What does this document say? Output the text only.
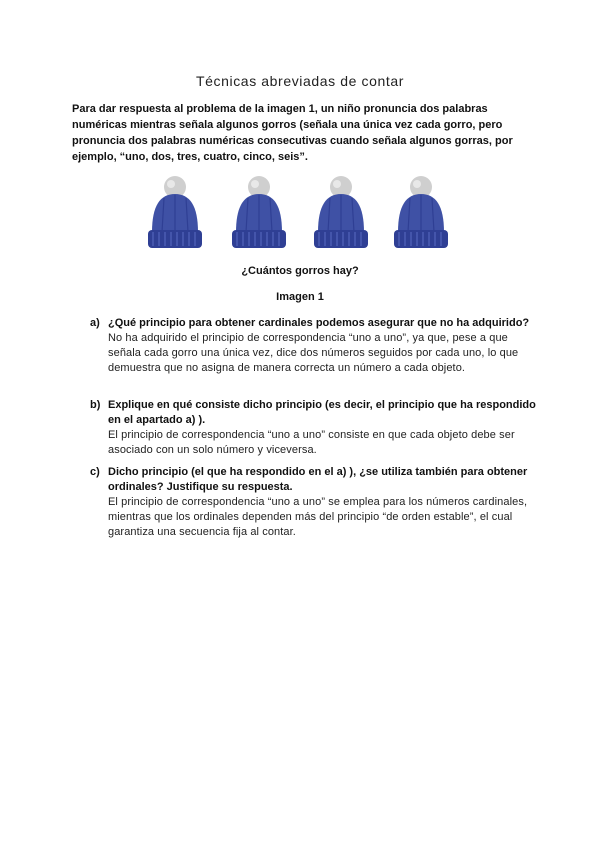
Técnicas abreviadas de contar
Para dar respuesta al problema de la imagen 1, un niño pronuncia dos palabras numéricas mientras señala algunos gorros (señala una única vez cada gorro, pero pronuncia dos palabras numéricas consecutivas cuando señala algunos gorras, por ejemplo, “uno, dos, tres, cuatro, cinco, seis”.
¿Cuántos gorros hay?
Imagen 1
a) ¿Qué principio para obtener cardinales podemos asegurar que no ha adquirido?
No ha adquirido el principio de correspondencia “uno a uno”, ya que, pese a que señala cada gorro una única vez, dice dos números seguidos por cada uno, lo que demuestra que no asigna de manera correcta un número a cada objeto.
b) Explique en qué consiste dicho principio (es decir, el principio que ha respondido en el apartado a) ).
El principio de correspondencia “uno a uno” consiste en que cada objeto debe ser asociado con un solo número y viceversa.
c) Dicho principio (el que ha respondido en el a) ), ¿se utiliza también para obtener ordinales? Justifique su respuesta.
El principio de correspondencia “uno a uno” se emplea para los números cardinales, mientras que los ordinales dependen más del principio “de orden estable”, el cual garantiza una secuencia fija al contar.
